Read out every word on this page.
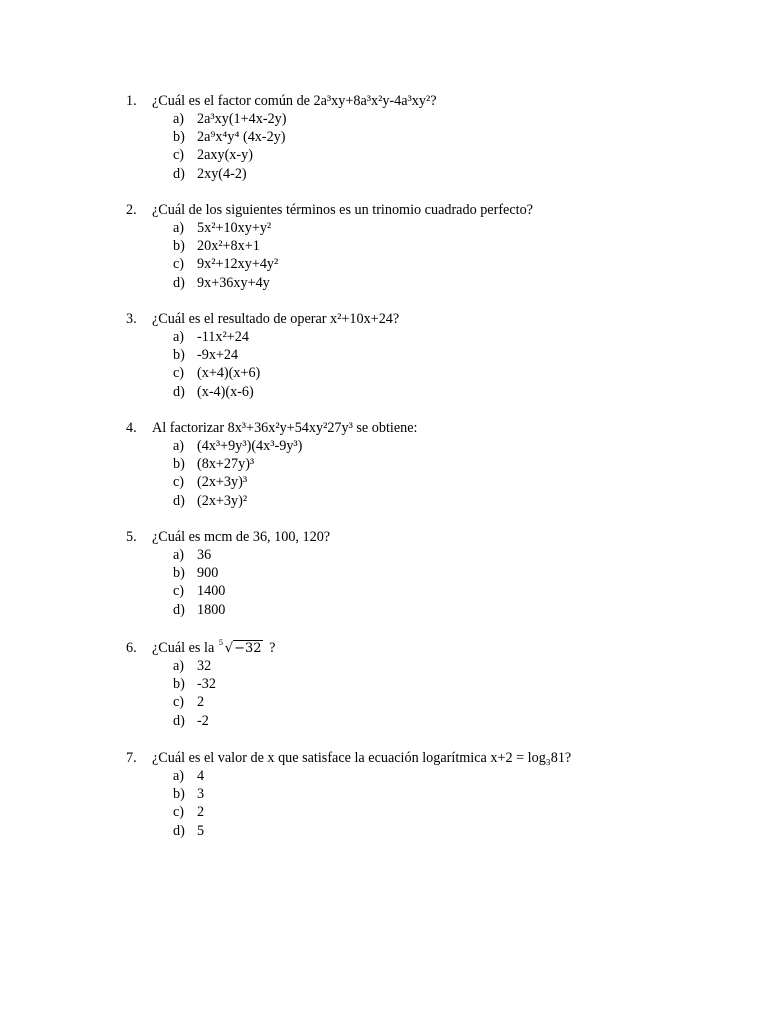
1.	¿Cuál es el factor común de 2a³xy+8a³x²y-4a³xy²?
a) 2a³xy(1+4x-2y)
b) 2a⁹x⁴y⁴ (4x-2y)
c) 2axy(x-y)
d) 2xy(4-2)
2.	¿Cuál de los siguientes términos es un trinomio cuadrado perfecto?
a) 5x²+10xy+y²
b) 20x²+8x+1
c) 9x²+12xy+4y²
d) 9x+36xy+4y
3.	¿Cuál es el resultado de operar x²+10x+24?
a) -11x²+24
b) -9x+24
c) (x+4)(x+6)
d) (x-4)(x-6)
4.	Al factorizar 8x³+36x²y+54xy²27y³ se obtiene:
a) (4x³+9y³)(4x³-9y³)
b) (8x+27y)³
c) (2x+3y)³
d) (2x+3y)²
5.	¿Cuál es mcm de 36, 100, 120?
a) 36
b) 900
c) 1400
d) 1800
6.	¿Cuál es la 5 √−32 ?
a) 32
b) -32
c) 2
d) -2
7.	¿Cuál es el valor de x que satisface la ecuación logarítmica x+2 = log₃81?
a) 4
b) 3
c) 2
d) 5
